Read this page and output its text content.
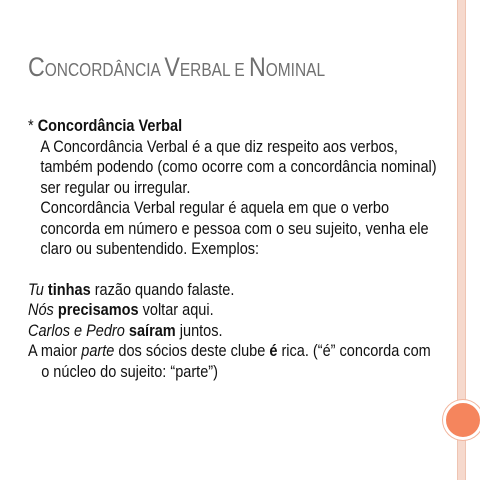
CONCORDÂNCIA VERBAL E NOMINAL

* Concordância Verbal

A Concordância Verbal é a que diz respeito aos verbos, também podendo (como ocorre com a concordância nominal) ser regular ou irregular.

Concordância Verbal regular é aquela em que o verbo concorda em número e pessoa com o seu sujeito, venha ele claro ou subentendido. Exemplos:

Tu tinhas razão quando falaste.

Nós precisamos voltar aqui.

Carlos e Pedro saíram juntos.

A maior parte dos sócios deste clube é rica. (“é” concorda com o núcleo do sujeito: “parte”)
